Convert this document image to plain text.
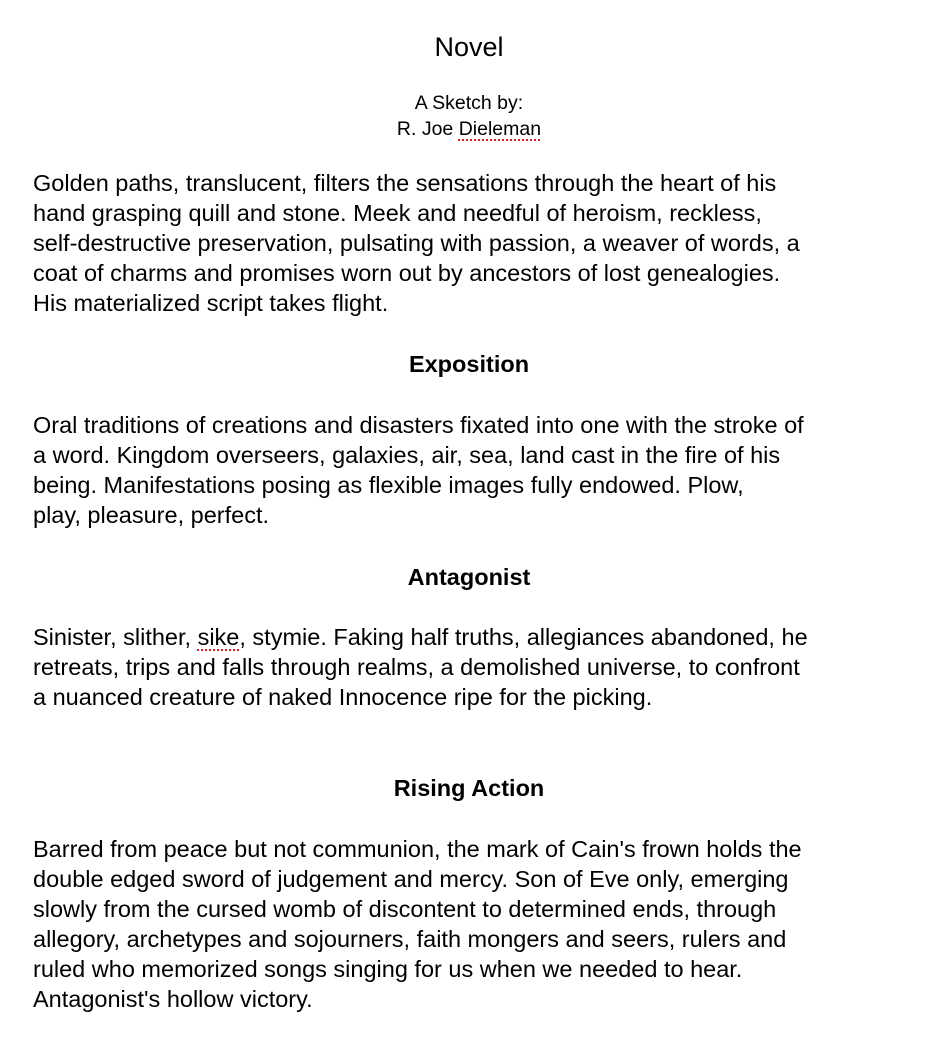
Novel
A Sketch by:
R. Joe Dieleman
Golden paths, translucent, filters the sensations through the heart of his
hand grasping quill and stone. Meek and needful of heroism, reckless,
self-destructive preservation, pulsating with passion, a weaver of words, a
coat of charms and promises worn out by ancestors of lost genealogies.
His materialized script takes flight.
Exposition
Oral traditions of creations and disasters fixated into one with the stroke of
a word. Kingdom overseers, galaxies, air, sea, land cast in the fire of his
being. Manifestations posing as flexible images fully endowed. Plow,
play, pleasure, perfect.
Antagonist
Sinister, slither, sike, stymie. Faking half truths, allegiances abandoned, he
retreats, trips and falls through realms, a demolished universe, to confront
a nuanced creature of naked Innocence ripe for the picking.
Rising Action
Barred from peace but not communion, the mark of Cain's frown holds the
double edged sword of judgement and mercy. Son of Eve only, emerging
slowly from the cursed womb of discontent to determined ends, through
allegory, archetypes and sojourners, faith mongers and seers, rulers and
ruled who memorized songs singing for us when we needed to hear.
Antagonist's hollow victory.
